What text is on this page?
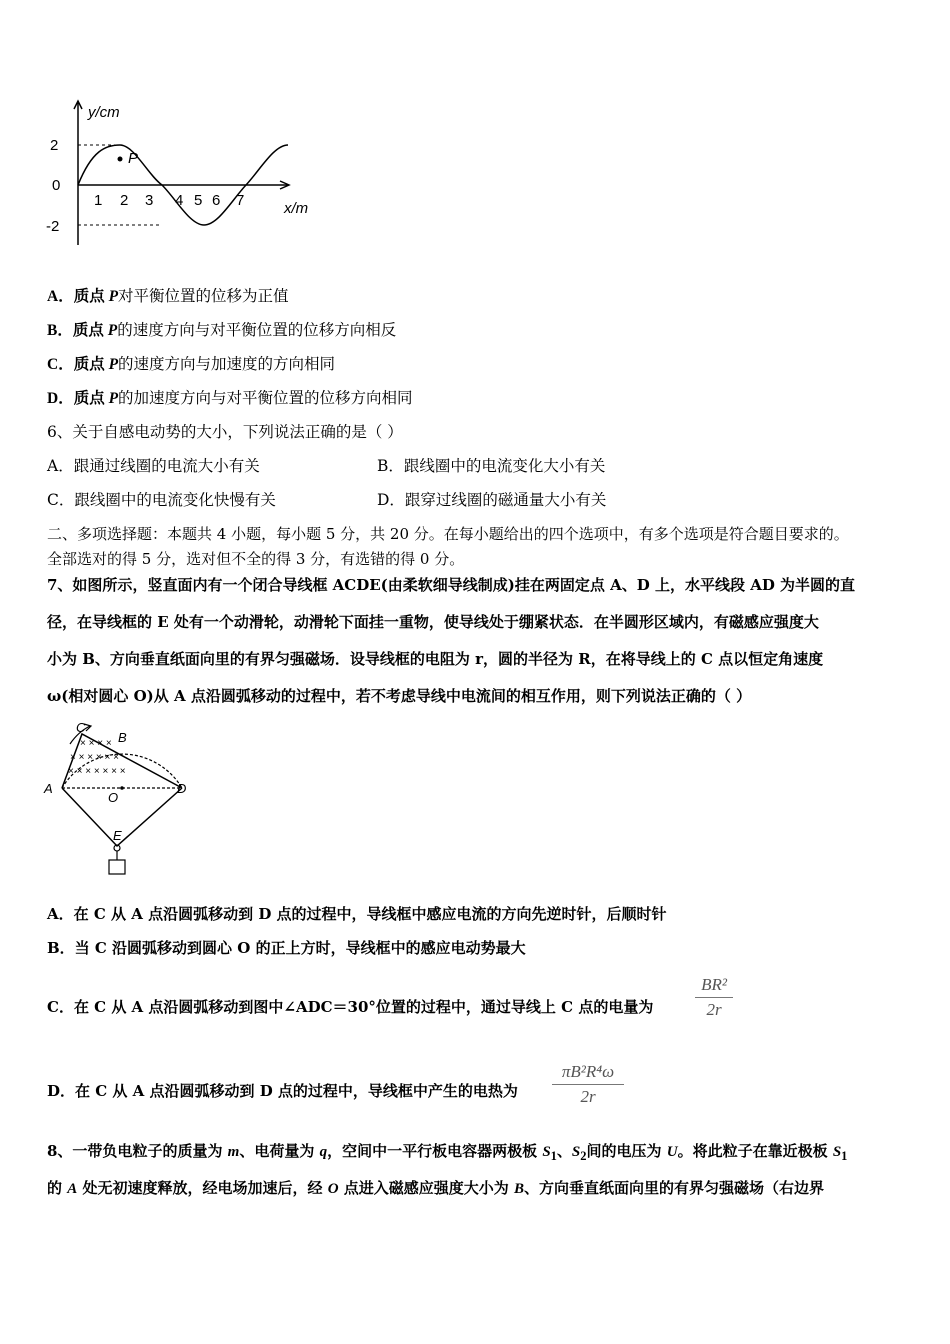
P
y/cm
x/m
2
0
-2
1 2 3 4 5 6 7
A．质点 P对平衡位置的位移为正值
B．质点 P的速度方向与对平衡位置的位移方向相反
C．质点 P的速度方向与加速度的方向相同
D．质点 P的加速度方向与对平衡位置的位移方向相同
6、关于自感电动势的大小，下列说法正确的是（ ）
A．跟通过线圈的电流大小有关	B．跟线圈中的电流变化大小有关
C．跟线圈中的电流变化快慢有关	D．跟穿过线圈的磁通量大小有关
二、多项选择题：本题共 4 小题，每小题 5 分，共 20 分。在每小题给出的四个选项中，有多个选项是符合题目要求的。
全部选对的得 5 分，选对但不全的得 3 分，有选错的得 0 分。
7、如图所示，竖直面内有一个闭合导线框 ACDE(由柔软细导线制成)挂在两固定点 A、D 上，水平线段 AD 为半圆的直
径，在导线框的 E 处有一个动滑轮，动滑轮下面挂一重物，使导线处于绷紧状态．在半圆形区域内，有磁感应强度大
小为 B、方向垂直纸面向里的有界匀强磁场．设导线框的电阻为 r，圆的半径为 R，在将导线上的 C 点以恒定角速度
ω(相对圆心 O)从 A 点沿圆弧移动的过程中，若不考虑导线中电流间的相互作用，则下列说法正确的（ ）
× × × ×
× × × × × ×
× × × × × × ×
C
B
A
O
D
E
A．在 C 从 A 点沿圆弧移动到 D 点的过程中，导线框中感应电流的方向先逆时针，后顺时针
B．当 C 沿圆弧移动到圆心 O 的正上方时，导线框中的感应电动势最大
C．在 C 从 A 点沿圆弧移动到图中∠ADC＝30°位置的过程中，通过导线上 C 点的电量为
BR²
2r
D．在 C 从 A 点沿圆弧移动到 D 点的过程中，导线框中产生的电热为
πB²R⁴ω
2r
8、一带负电粒子的质量为 m、电荷量为 q，空间中一平行板电容器两极板 $S_1$、$S_2$间的电压为 U。将此粒子在靠近极板 $S_1$
的 A 处无初速度释放，经电场加速后，经 O 点进入磁感应强度大小为 B、方向垂直纸面向里的有界匀强磁场（右边界
